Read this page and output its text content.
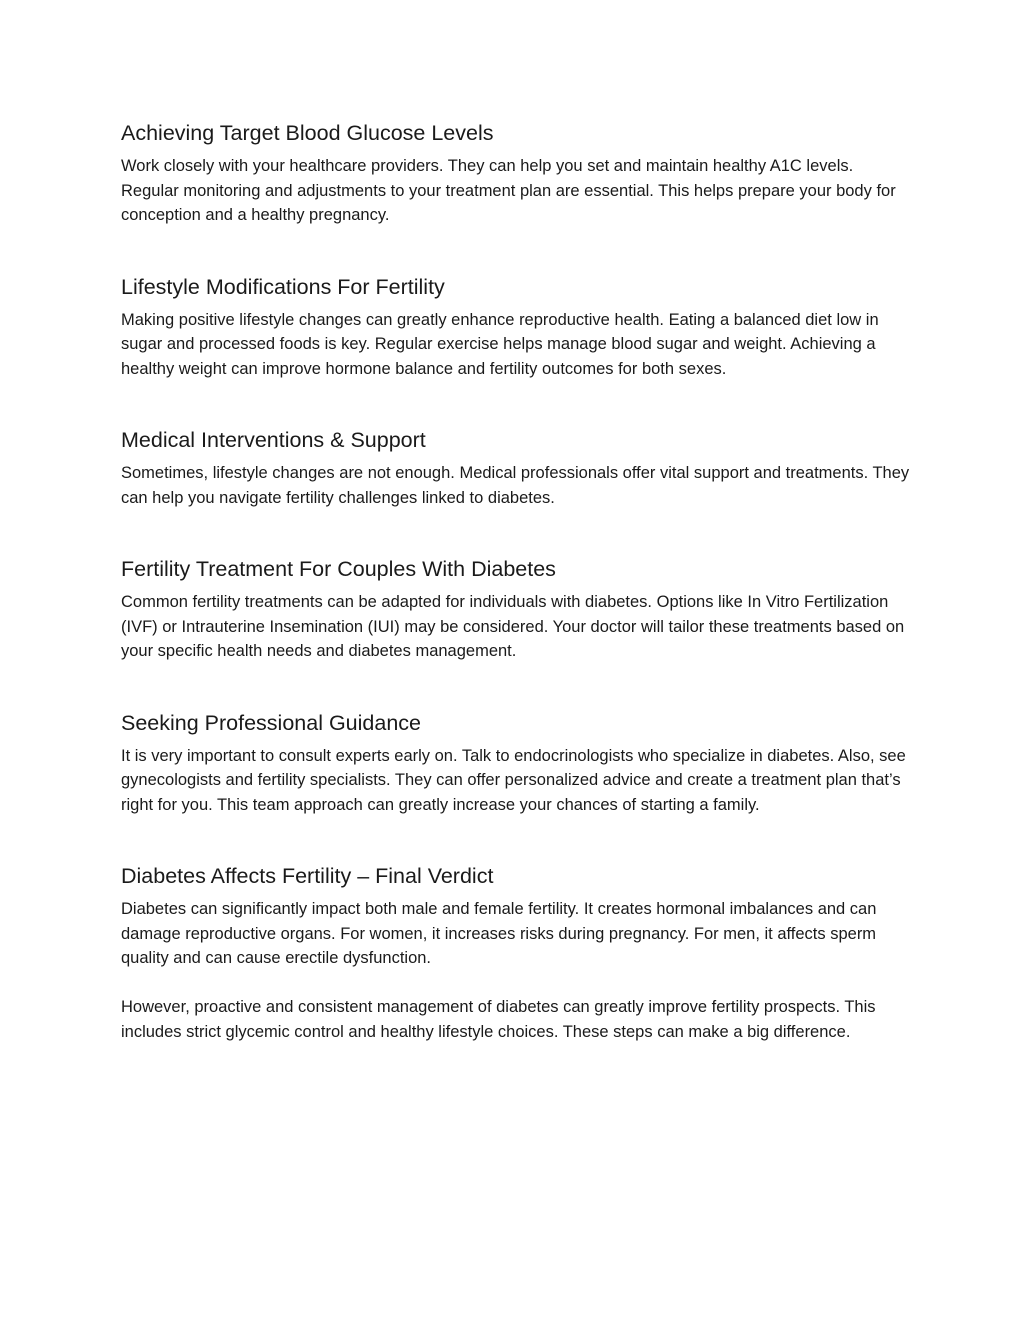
Achieving Target Blood Glucose Levels

Work closely with your healthcare providers. They can help you set and maintain healthy A1C levels. Regular monitoring and adjustments to your treatment plan are essential. This helps prepare your body for conception and a healthy pregnancy.

Lifestyle Modifications For Fertility

Making positive lifestyle changes can greatly enhance reproductive health. Eating a balanced diet low in sugar and processed foods is key. Regular exercise helps manage blood sugar and weight. Achieving a healthy weight can improve hormone balance and fertility outcomes for both sexes.

Medical Interventions & Support

Sometimes, lifestyle changes are not enough. Medical professionals offer vital support and treatments. They can help you navigate fertility challenges linked to diabetes.

Fertility Treatment For Couples With Diabetes

Common fertility treatments can be adapted for individuals with diabetes. Options like In Vitro Fertilization (IVF) or Intrauterine Insemination (IUI) may be considered. Your doctor will tailor these treatments based on your specific health needs and diabetes management.

Seeking Professional Guidance

It is very important to consult experts early on. Talk to endocrinologists who specialize in diabetes. Also, see gynecologists and fertility specialists. They can offer personalized advice and create a treatment plan that’s right for you. This team approach can greatly increase your chances of starting a family.

Diabetes Affects Fertility – Final Verdict

Diabetes can significantly impact both male and female fertility. It creates hormonal imbalances and can damage reproductive organs. For women, it increases risks during pregnancy. For men, it affects sperm quality and can cause erectile dysfunction.

However, proactive and consistent management of diabetes can greatly improve fertility prospects. This includes strict glycemic control and healthy lifestyle choices. These steps can make a big difference.
